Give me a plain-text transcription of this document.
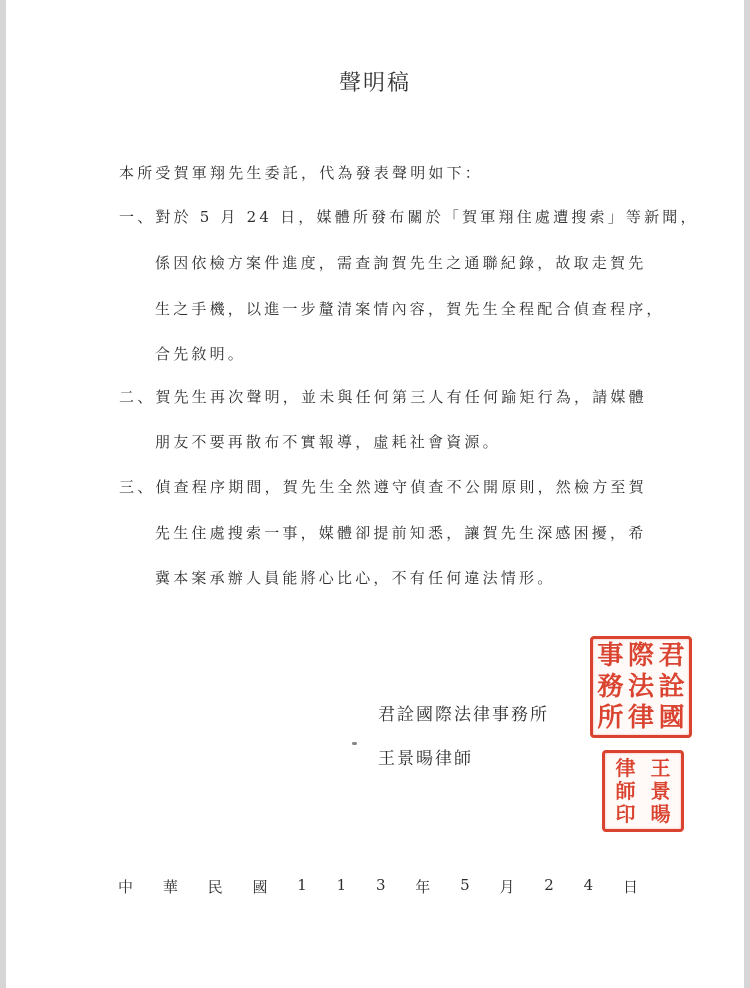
聲明稿
本所受賀軍翔先生委託，代為發表聲明如下：
一、對於 5 月 24 日，媒體所發布關於「賀軍翔住處遭搜索」等新聞，
係因依檢方案件進度，需查詢賀先生之通聯紀錄，故取走賀先
生之手機，以進一步釐清案情內容，賀先生全程配合偵查程序，
合先敘明。
二、賀先生再次聲明，並未與任何第三人有任何踰矩行為，請媒體
朋友不要再散布不實報導，虛耗社會資源。
三、偵查程序期間，賀先生全然遵守偵查不公開原則，然檢方至賀
先生住處搜索一事，媒體卻提前知悉，讓賀先生深感困擾，希
冀本案承辦人員能將心比心，不有任何違法情形。
君詮國際法律事務所
王景暘律師
君
詮
國
際
法
律
事
務
所
王
景
暘
律
師
印
中 華 民 國 1 1 3 年 5 月 2 4 日
